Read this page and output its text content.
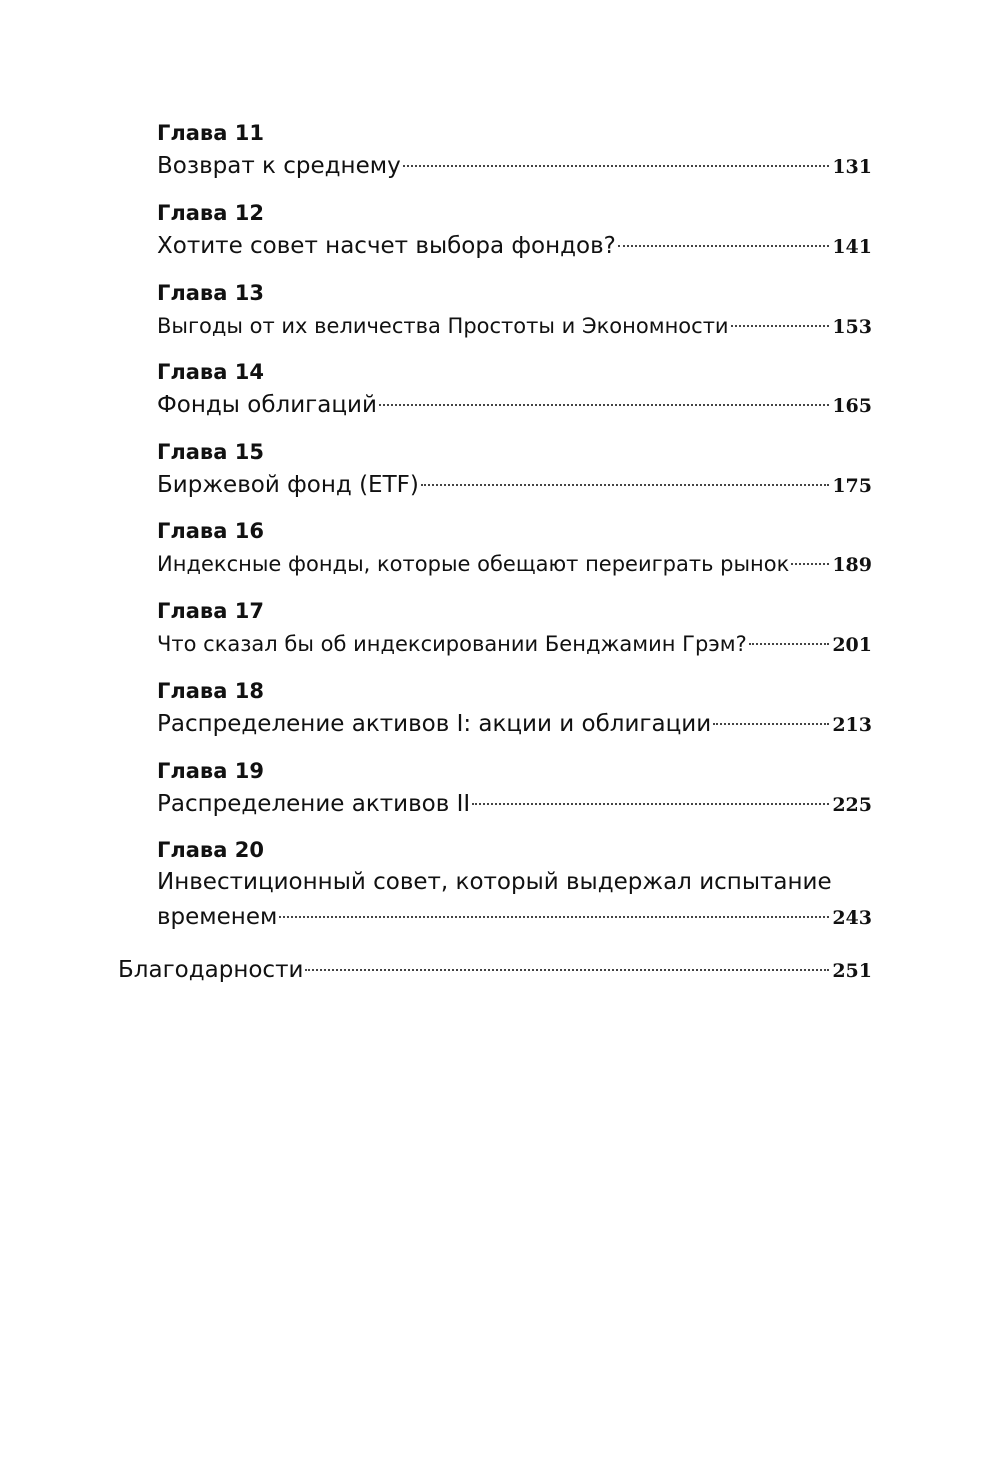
Глава 11
Возврат к среднему	131
Глава 12
Хотите совет насчет выбора фондов?	141
Глава 13
Выгоды от их величества Простоты и Экономности	153
Глава 14
Фонды облигаций	165
Глава 15
Биржевой фонд (ETF)	175
Глава 16
Индексные фонды, которые обещают переиграть рынок 189
Глава 17
Что сказал бы об индексировании Бенджамин Грэм?	201
Глава 18
Распределение активов I: акции и облигации	213
Глава 19
Распределение активов II	225
Глава 20
Инвестиционный совет, который выдержал испытание
временем	243
Благодарности	251
